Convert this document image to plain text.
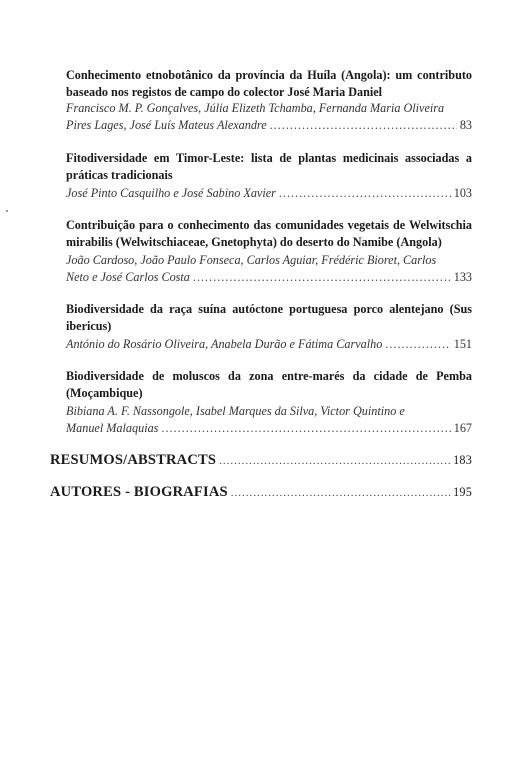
Conhecimento etnobotânico da província da Huíla (Angola): um contributo baseado nos registos de campo do colector José Maria Daniel

Francisco M. P. Gonçalves, Júlia Elizeth Tchamba, Fernanda Maria Oliveira

Pires Lages, José Luís Mateus Alexandre .....	83

Fitodiversidade em Timor-Leste: lista de plantas medicinais associadas a práticas tradicionais

José Pinto Casquilho e José Sabino Xavier .....	103

Contribuição para o conhecimento das comunidades vegetais de Welwitschia mirabilis (Welwitschiaceae, Gnetophyta) do deserto do Namibe (Angola)

João Cardoso, João Paulo Fonseca, Carlos Aguiar, Frédéric Bioret, Carlos

Neto e José Carlos Costa .....	133

Biodiversidade da raça suína autóctone portuguesa porco alentejano (Sus ibericus)

António do Rosário Oliveira, Anabela Durão e Fátima Carvalho .....	151

Biodiversidade de moluscos da zona entre-marés da cidade de Pemba (Moçambique)

Bibiana A. F. Nassongole, Isabel Marques da Silva, Victor Quintino e

Manuel Malaquias .....	167
RESUMOS/ABSTRACTS .....	183
AUTORES - BIOGRAFIAS .....	195
